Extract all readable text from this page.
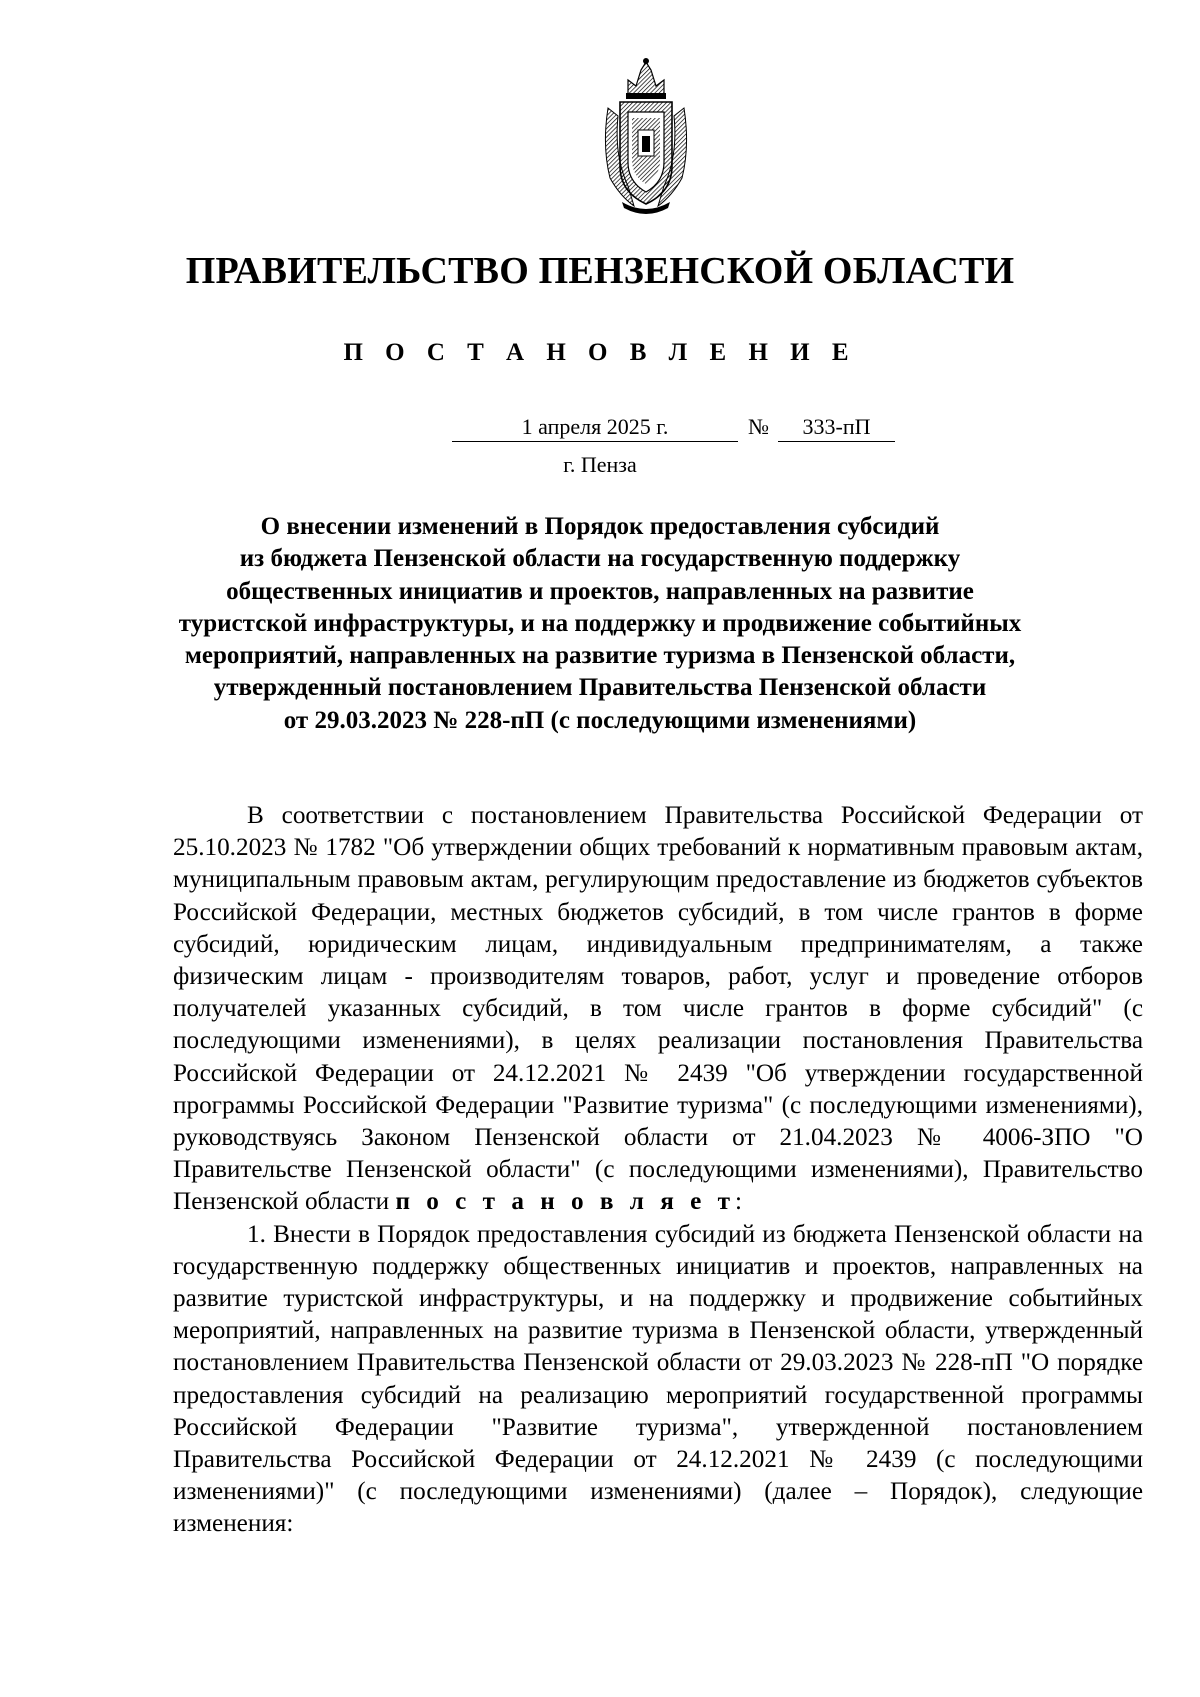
ПРАВИТЕЛЬСТВО ПЕНЗЕНСКОЙ ОБЛАСТИ
П О С Т А Н О В Л Е Н И Е
1 апреля 2025 г.	№	333-пП
г. Пенза
О внесении изменений в Порядок предоставления субсидий
из бюджета Пензенской области на государственную поддержку
общественных инициатив и проектов, направленных на развитие
туристской инфраструктуры, и на поддержку и продвижение событийных
мероприятий, направленных на развитие туризма в Пензенской области,
утвержденный постановлением Правительства Пензенской области
от 29.03.2023 № 228-пП (с последующими изменениями)

В соответствии с постановлением Правительства Российской Федерации от 25.10.2023 № 1782 "Об утверждении общих требований к нормативным правовым актам, муниципальным правовым актам, регулирующим предоставление из бюджетов субъектов Российской Федерации, местных бюджетов субсидий, в том числе грантов в форме субсидий, юридическим лицам, индивидуальным предпринимателям, а также физическим лицам - производителям товаров, работ, услуг и проведение отборов получателей указанных субсидий, в том числе грантов в форме субсидий" (с последующими изменениями), в целях реализации постановления Правительства Российской Федерации от 24.12.2021 № 2439 "Об утверждении государственной программы Российской Федерации "Развитие туризма" (с последующими изменениями), руководствуясь Законом Пензенской области от 21.04.2023 № 4006-ЗПО "О Правительстве Пензенской области" (с последующими изменениями), Правительство Пензенской области п о с т а н о в л я е т:

1. Внести в Порядок предоставления субсидий из бюджета Пензенской области на государственную поддержку общественных инициатив и проектов, направленных на развитие туристской инфраструктуры, и на поддержку и продвижение событийных мероприятий, направленных на развитие туризма в Пензенской области, утвержденный постановлением Правительства Пензенской области от 29.03.2023 № 228-пП "О порядке предоставления субсидий на реализацию мероприятий государственной программы Российской Федерации "Развитие туризма", утвержденной постановлением Правительства Российской Федерации от 24.12.2021 № 2439 (с последующими изменениями)" (с последующими изменениями) (далее – Порядок), следующие изменения:
